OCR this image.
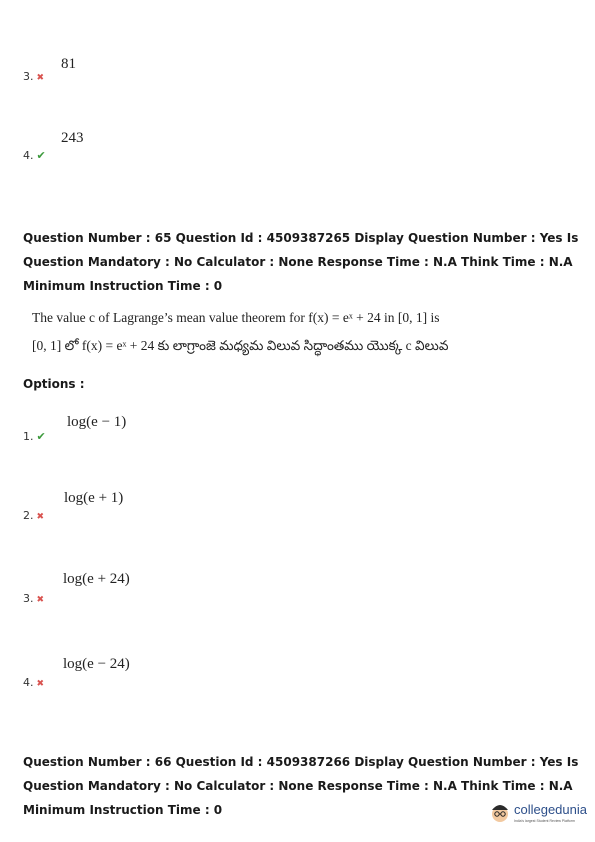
81
3. ✖
243
4. ✔
Question Number : 65 Question Id : 4509387265 Display Question Number : Yes Is Question Mandatory : No Calculator : None Response Time : N.A Think Time : N.A Minimum Instruction Time : 0
The value c of Lagrange’s mean value theorem for f(x) = eˣ + 24 in [0, 1] is
[0, 1] లో f(x) = eˣ + 24 కు లాగ్రాంజె మధ్యమ విలువ సిద్ధాంతము యొక్క c విలువ
Options :
log(e − 1)
1. ✔
log(e + 1)
2. ✖
log(e + 24)
3. ✖
log(e − 24)
4. ✖
Question Number : 66 Question Id : 4509387266 Display Question Number : Yes Is Question Mandatory : No Calculator : None Response Time : N.A Think Time : N.A Minimum Instruction Time : 0	collegedunia
India's largest Student Review Platform
